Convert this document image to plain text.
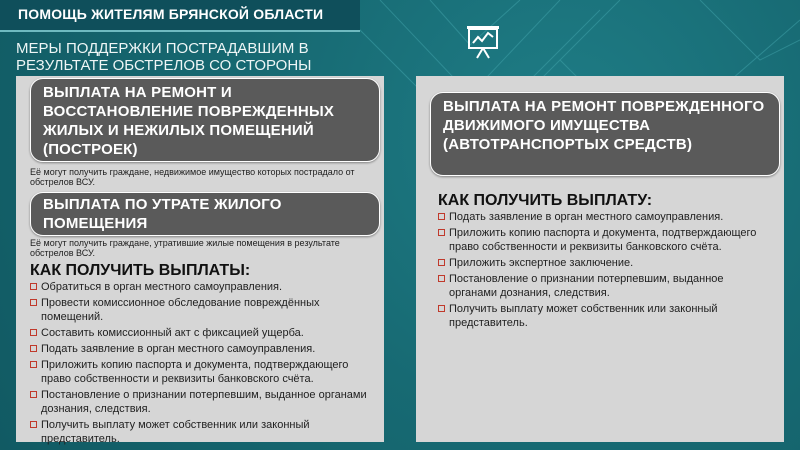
ПОМОЩЬ ЖИТЕЛЯМ БРЯНСКОЙ ОБЛАСТИ
МЕРЫ ПОДДЕРЖКИ ПОСТРАДАВШИМ В РЕЗУЛЬТАТЕ ОБСТРЕЛОВ СО СТОРОНЫ
ВЫПЛАТА НА РЕМОНТ И ВОССТАНОВЛЕНИЕ ПОВРЕЖДЕННЫХ ЖИЛЫХ И НЕЖИЛЫХ ПОМЕЩЕНИЙ (ПОСТРОЕК)
Её могут получить граждане, недвижимое имущество которых пострадало от обстрелов ВСУ.
ВЫПЛАТА ПО УТРАТЕ ЖИЛОГО ПОМЕЩЕНИЯ
Её могут получить граждане, утратившие жилые помещения в результате обстрелов ВСУ.
КАК ПОЛУЧИТЬ ВЫПЛАТЫ:
Обратиться в орган местного самоуправления.
Провести комиссионное обследование повреждённых помещений.
Составить комиссионный акт с фиксацией ущерба.
Подать заявление в орган местного самоуправления.
Приложить копию паспорта и документа, подтверждающего право собственности и реквизиты банковского счёта.
Постановление о признании потерпевшим, выданное органами дознания, следствия.
Получить выплату может собственник или законный представитель.
ВЫПЛАТА НА РЕМОНТ ПОВРЕЖДЕННОГО ДВИЖИМОГО ИМУЩЕСТВА (АВТОТРАНСПОРТЫХ СРЕДСТВ)
КАК ПОЛУЧИТЬ ВЫПЛАТУ:
Подать заявление в орган местного самоуправления.
Приложить копию паспорта и документа, подтверждающего право собственности и реквизиты банковского счёта.
Приложить экспертное заключение.
Постановление о признании потерпевшим, выданное органами дознания, следствия.
Получить выплату может собственник или законный представитель.
